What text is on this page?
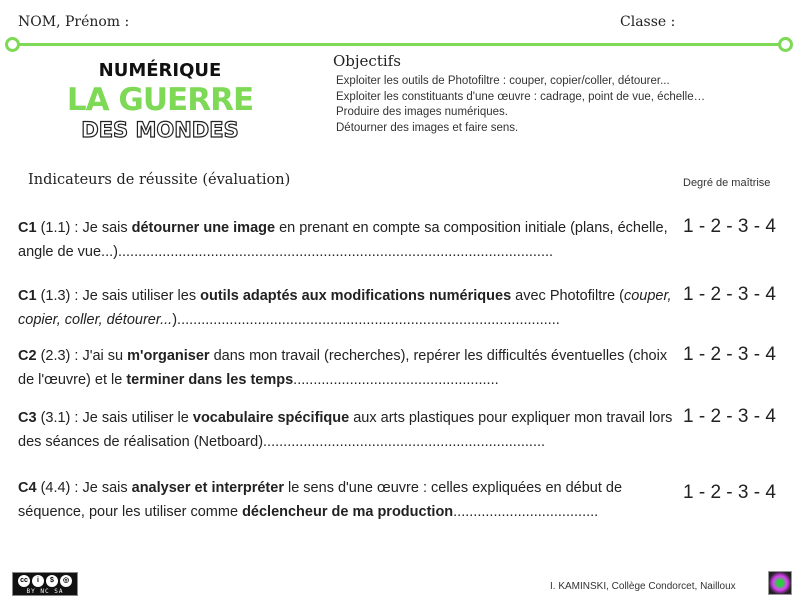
NOM, Prénom :	Classe :
NUMÉRIQUE
LA GUERRE
DES MONDES
Objectifs
Exploiter les outils de Photofiltre : couper, copier/coller, détourer...
Exploiter les constituants d'une œuvre : cadrage, point de vue, échelle…
Produire des images numériques.
Détourner des images et faire sens.
Indicateurs de réussite (évaluation)	Degré de maîtrise
C1 (1.1) : Je sais détourner une image en prenant en compte sa composition initiale (plans, échelle, angle de vue...)............................................................................................................
1 - 2 - 3 - 4
C1 (1.3) : Je sais utiliser les outils adaptés aux modifications numériques avec Photofiltre (couper, copier, coller, détourer...)...............................................................................................
1 - 2 - 3 - 4
C2 (2.3) : J'ai su m'organiser dans mon travail (recherches), repérer les difficultés éventuelles (choix de l'œuvre) et le terminer dans les temps...................................................
1 - 2 - 3 - 4
C3 (3.1) : Je sais utiliser le vocabulaire spécifique aux arts plastiques pour expliquer mon travail lors des séances de réalisation (Netboard)......................................................................
1 - 2 - 3 - 4
C4 (4.4) : Je sais analyser et interpréter le sens d'une œuvre : celles expliquées en début de séquence, pour les utiliser comme déclencheur de ma production....................................
1 - 2 - 3 - 4
cc	i	$	◎
BY NC SA	I. KAMINSKI, Collège Condorcet, Nailloux
